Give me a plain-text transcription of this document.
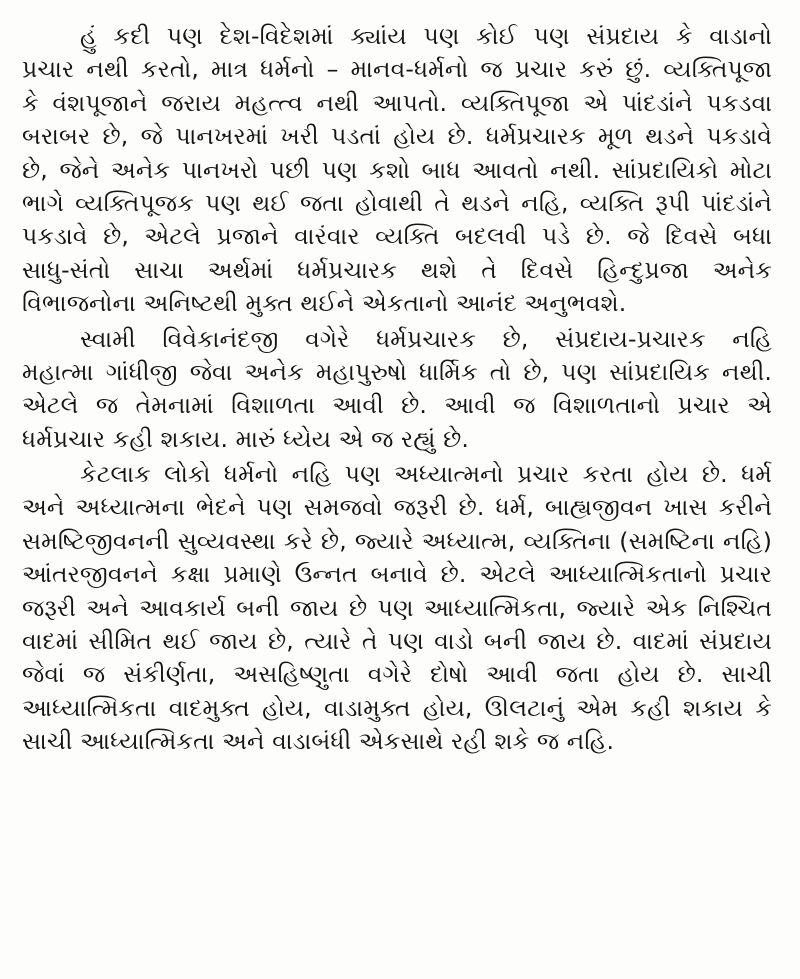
હું કદી પણ દેશ-વિદેશમાં ક્યાંય પણ કોઈ પણ સંપ્રદાય કે વાડાનો
પ્રચાર નથી કરતો, માત્ર ધર્મનો – માનવ-ધર્મનો જ પ્રચાર કરું છું. વ્યક્તિપૂજા
કે વંશપૂજાને જરાય મહત્ત્વ નથી આપતો. વ્યક્તિપૂજા એ પાંદડાંને પકડવા
બરાબર છે, જે પાનખરમાં ખરી પડતાં હોય છે. ધર્મપ્રચારક મૂળ થડને પકડાવે
છે, જેને અનેક પાનખરો પછી પણ કશો બાધ આવતો નથી. સાંપ્રદાયિકો મોટા
ભાગે વ્યક્તિપૂજક પણ થઈ જતા હોવાથી તે થડને નહિ, વ્યક્તિ રૂપી પાંદડાંને
પકડાવે છે, એટલે પ્રજાને વારંવાર વ્યક્તિ બદલવી પડે છે. જે દિવસે બધા
સાધુ-સંતો સાચા અર્થમાં ધર્મપ્રચારક થશે તે દિવસે હિન્દુપ્રજા અનેક
વિભાજનોના અનિષ્ટથી મુક્ત થઈને એકતાનો આનંદ અનુભવશે.
સ્વામી વિવેકાનંદજી વગેરે ધર્મપ્રચારક છે, સંપ્રદાય-પ્રચારક નહિ
મહાત્મા ગાંધીજી જેવા અનેક મહાપુરુષો ધાર્મિક તો છે, પણ સાંપ્રદાયિક નથી.
એટલે જ તેમનામાં વિશાળતા આવી છે. આવી જ વિશાળતાનો પ્રચાર એ
ધર્મપ્રચાર કહી શકાય. મારું ધ્યેય એ જ રહ્યું છે.
કેટલાક લોકો ધર્મનો નહિ પણ અધ્યાત્મનો પ્રચાર કરતા હોય છે. ધર્મ
અને અધ્યાત્મના ભેદને પણ સમજવો જરૂરી છે. ધર્મ, બાહ્યજીવન ખાસ કરીને
સમષ્ટિજીવનની સુવ્યવસ્થા કરે છે, જ્યારે અધ્યાત્મ, વ્યક્તિના (સમષ્ટિના નહિ)
આંતરજીવનને કક્ષા પ્રમાણે ઉન્નત બનાવે છે. એટલે આધ્યાત્મિકતાનો પ્રચાર
જરૂરી અને આવકાર્ય બની જાય છે પણ આધ્યાત્મિકતા, જ્યારે એક નિશ્ચિત
વાદમાં સીમિત થઈ જાય છે, ત્યારે તે પણ વાડો બની જાય છે. વાદમાં સંપ્રદાય
જેવાં જ સંકીર્ણતા, અસહિષ્ણુતા વગેરે દોષો આવી જતા હોય છે. સાચી
આધ્યાત્મિકતા વાદમુક્ત હોય, વાડામુક્ત હોય, ઊલટાનું એમ કહી શકાય કે
સાચી આધ્યાત્મિકતા અને વાડાબંધી એકસાથે રહી શકે જ નહિ.
